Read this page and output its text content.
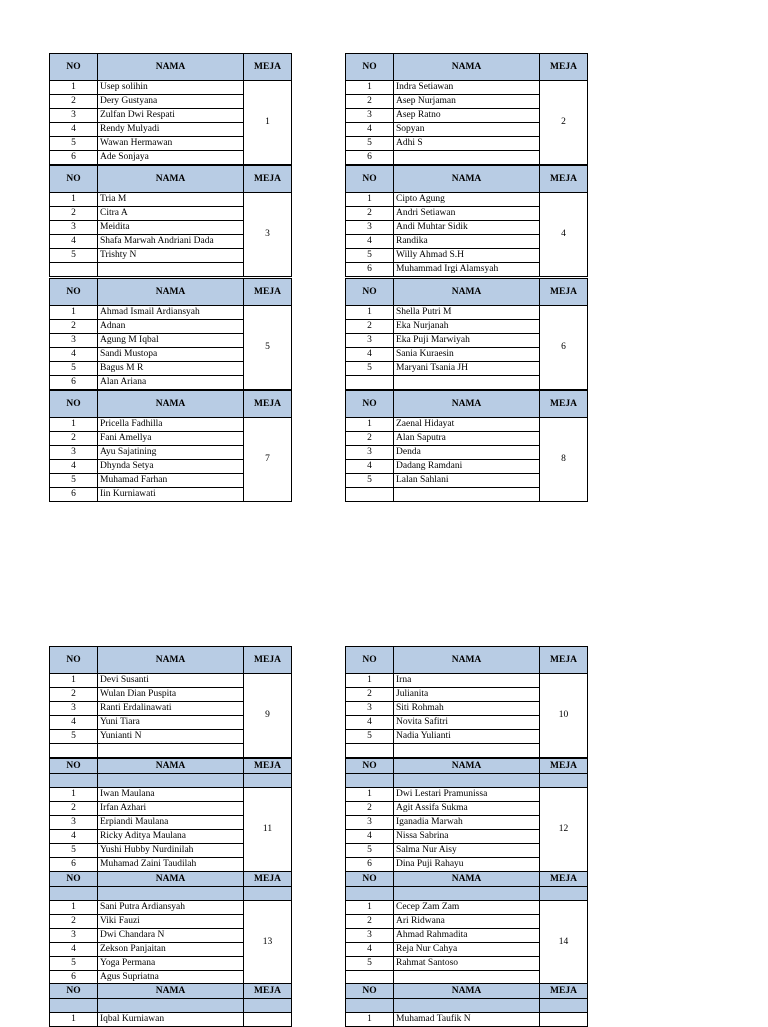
NO	NAMA	MEJA
1	Usep solihin	1
2	Dery Gustyana	
3	Zulfan Dwi Respati	
4	Rendy Mulyadi	
5	Wawan Hermawan	
6	Ade Sonjaya	
NO	NAMA	MEJA
1	Indra Setiawan	2
2	Asep Nurjaman	
3	Asep Ratno	
4	Sopyan	
5	Adhi S	
6		
NO	NAMA	MEJA
1	Tria M	3
2	Citra A	
3	Meidita	
4	Shafa Marwah Andriani Dada	
5	Trishty N	

NO	NAMA	MEJA
1	Cipto Agung	4
2	Andri Setiawan	
3	Andi Muhtar Sidik	
4	Randika	
5	Willy Ahmad S.H	
6	Muhammad Irgi Alamsyah	
NO	NAMA	MEJA
1	Ahmad Ismail Ardiansyah	5
2	Adnan	
3	Agung M Iqbal	
4	Sandi Mustopa	
5	Bagus M R	
6	Alan Ariana	
NO	NAMA	MEJA
1	Shella Putri M	6
2	Eka Nurjanah	
3	Eka Puji Marwiyah	
4	Sania Kuraesin	
5	Maryani Tsania JH	

NO	NAMA	MEJA
1	Pricella Fadhilla	7
2	Fani Amellya	
3	Ayu Sajatining	
4	Dhynda Setya	
5	Muhamad Farhan	
6	Iin Kurniawati	
NO	NAMA	MEJA
1	Zaenal Hidayat	8
2	Alan Saputra	
3	Denda	
4	Dadang Ramdani	
5	Lalan Sahlani	

NO	NAMA	MEJA
1	Devi Susanti	9
2	Wulan Dian Puspita	
3	Ranti Erdalinawati	
4	Yuni Tiara	
5	Yunianti N	

NO	NAMA	MEJA
1	Irna	10
2	Julianita	
3	Siti Rohmah	
4	Novita Safitri	
5	Nadia Yulianti	

NO	NAMA	MEJA

1	Iwan Maulana	11
2	Irfan Azhari	
3	Erpiandi Maulana	
4	Ricky Aditya Maulana	
5	Yushi Hubby Nurdinilah	
6	Muhamad Zaini Taudilah	
NO	NAMA	MEJA

1	Dwi Lestari Pramunissa	12
2	Agit Assifa Sukma	
3	Iganadia Marwah	
4	Nissa Sabrina	
5	Salma Nur Aisy	
6	Dina Puji Rahayu	
NO	NAMA	MEJA

1	Sani Putra Ardiansyah	13
2	Viki Fauzi	
3	Dwi Chandara N	
4	Zekson Panjaitan	
5	Yoga Permana	
6	Agus Supriatna	
NO	NAMA	MEJA

1	Cecep Zam Zam	14
2	Ari Ridwana	
3	Ahmad Rahmadita	
4	Reja Nur Cahya	
5	Rahmat Santoso	

NO	NAMA	MEJA

1	Iqbal Kurniawan	
NO	NAMA	MEJA

1	Muhamad Taufik N	
